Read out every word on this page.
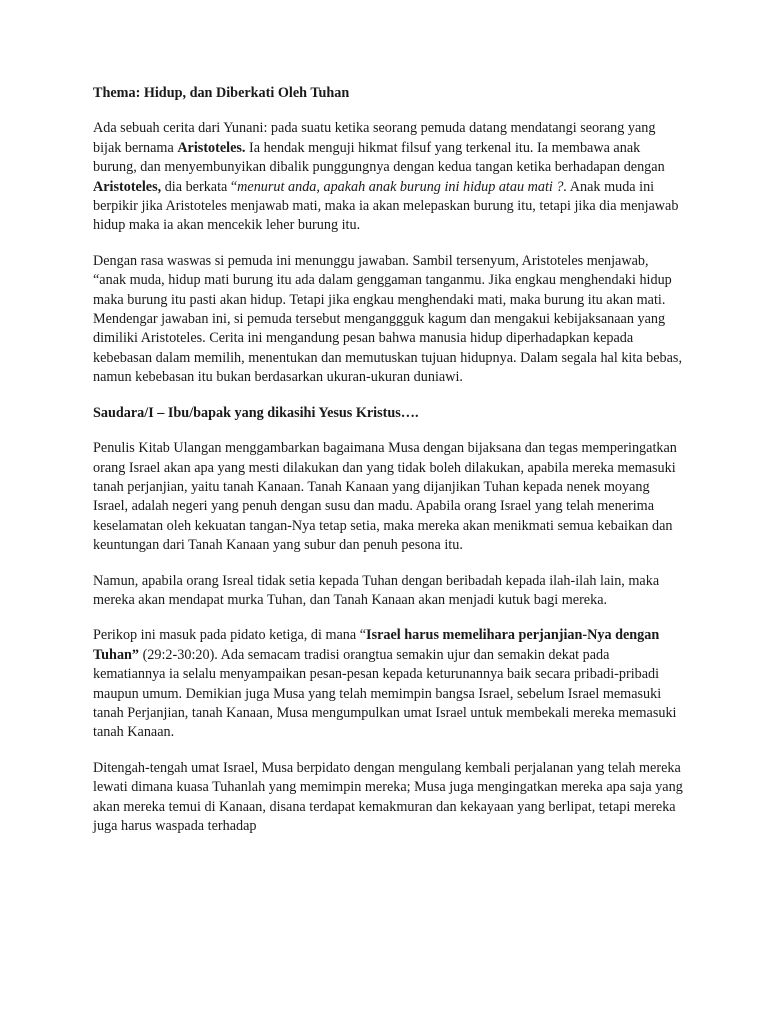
Thema: Hidup, dan Diberkati Oleh Tuhan

Ada sebuah cerita dari Yunani: pada suatu ketika seorang pemuda datang mendatangi seorang yang bijak bernama Aristoteles. Ia hendak menguji hikmat filsuf yang terkenal itu. Ia membawa anak burung, dan menyembunyikan dibalik punggungnya dengan kedua tangan ketika berhadapan dengan Aristoteles, dia berkata “menurut anda, apakah anak burung ini hidup atau mati ?. Anak muda ini berpikir jika Aristoteles menjawab mati, maka ia akan melepaskan burung itu, tetapi jika dia menjawab hidup maka ia akan mencekik leher burung itu.

Dengan rasa waswas si pemuda ini menunggu jawaban. Sambil tersenyum, Aristoteles menjawab, “anak muda, hidup mati burung itu ada dalam genggaman tanganmu. Jika engkau menghendaki hidup maka burung itu pasti akan hidup. Tetapi jika engkau menghendaki mati, maka burung itu akan mati. Mendengar jawaban ini, si pemuda tersebut menganggguk kagum dan mengakui kebijaksanaan yang dimiliki Aristoteles. Cerita ini mengandung pesan bahwa manusia hidup diperhadapkan kepada kebebasan dalam memilih, menentukan dan memutuskan tujuan hidupnya. Dalam segala hal kita bebas, namun kebebasan itu bukan berdasarkan ukuran-ukuran duniawi.

Saudara/I – Ibu/bapak yang dikasihi Yesus Kristus….

Penulis Kitab Ulangan menggambarkan bagaimana Musa dengan bijaksana dan tegas memperingatkan orang Israel akan apa yang mesti dilakukan dan yang tidak boleh dilakukan, apabila mereka memasuki tanah perjanjian, yaitu tanah Kanaan. Tanah Kanaan yang dijanjikan Tuhan kepada nenek moyang Israel, adalah negeri yang penuh dengan susu dan madu. Apabila orang Israel yang telah menerima keselamatan oleh kekuatan tangan-Nya tetap setia, maka mereka akan menikmati semua kebaikan dan keuntungan dari Tanah Kanaan yang subur dan penuh pesona itu.

Namun, apabila orang Isreal tidak setia kepada Tuhan dengan beribadah kepada ilah-ilah lain, maka mereka akan mendapat murka Tuhan, dan Tanah Kanaan akan menjadi kutuk bagi mereka.

Perikop ini masuk pada pidato ketiga, di mana “Israel harus memelihara perjanjian-Nya dengan Tuhan” (29:2-30:20). Ada semacam tradisi orangtua semakin ujur dan semakin dekat pada kematiannya ia selalu menyampaikan pesan-pesan kepada keturunannya baik secara pribadi-pribadi maupun umum. Demikian juga Musa yang telah memimpin bangsa Israel, sebelum Israel memasuki tanah Perjanjian, tanah Kanaan, Musa mengumpulkan umat Israel untuk membekali mereka memasuki tanah Kanaan.

Ditengah-tengah umat Israel, Musa berpidato dengan mengulang kembali perjalanan yang telah mereka lewati dimana kuasa Tuhanlah yang memimpin mereka; Musa juga mengingatkan mereka apa saja yang akan mereka temui di Kanaan, disana terdapat kemakmuran dan kekayaan yang berlipat, tetapi mereka juga harus waspada terhadap
